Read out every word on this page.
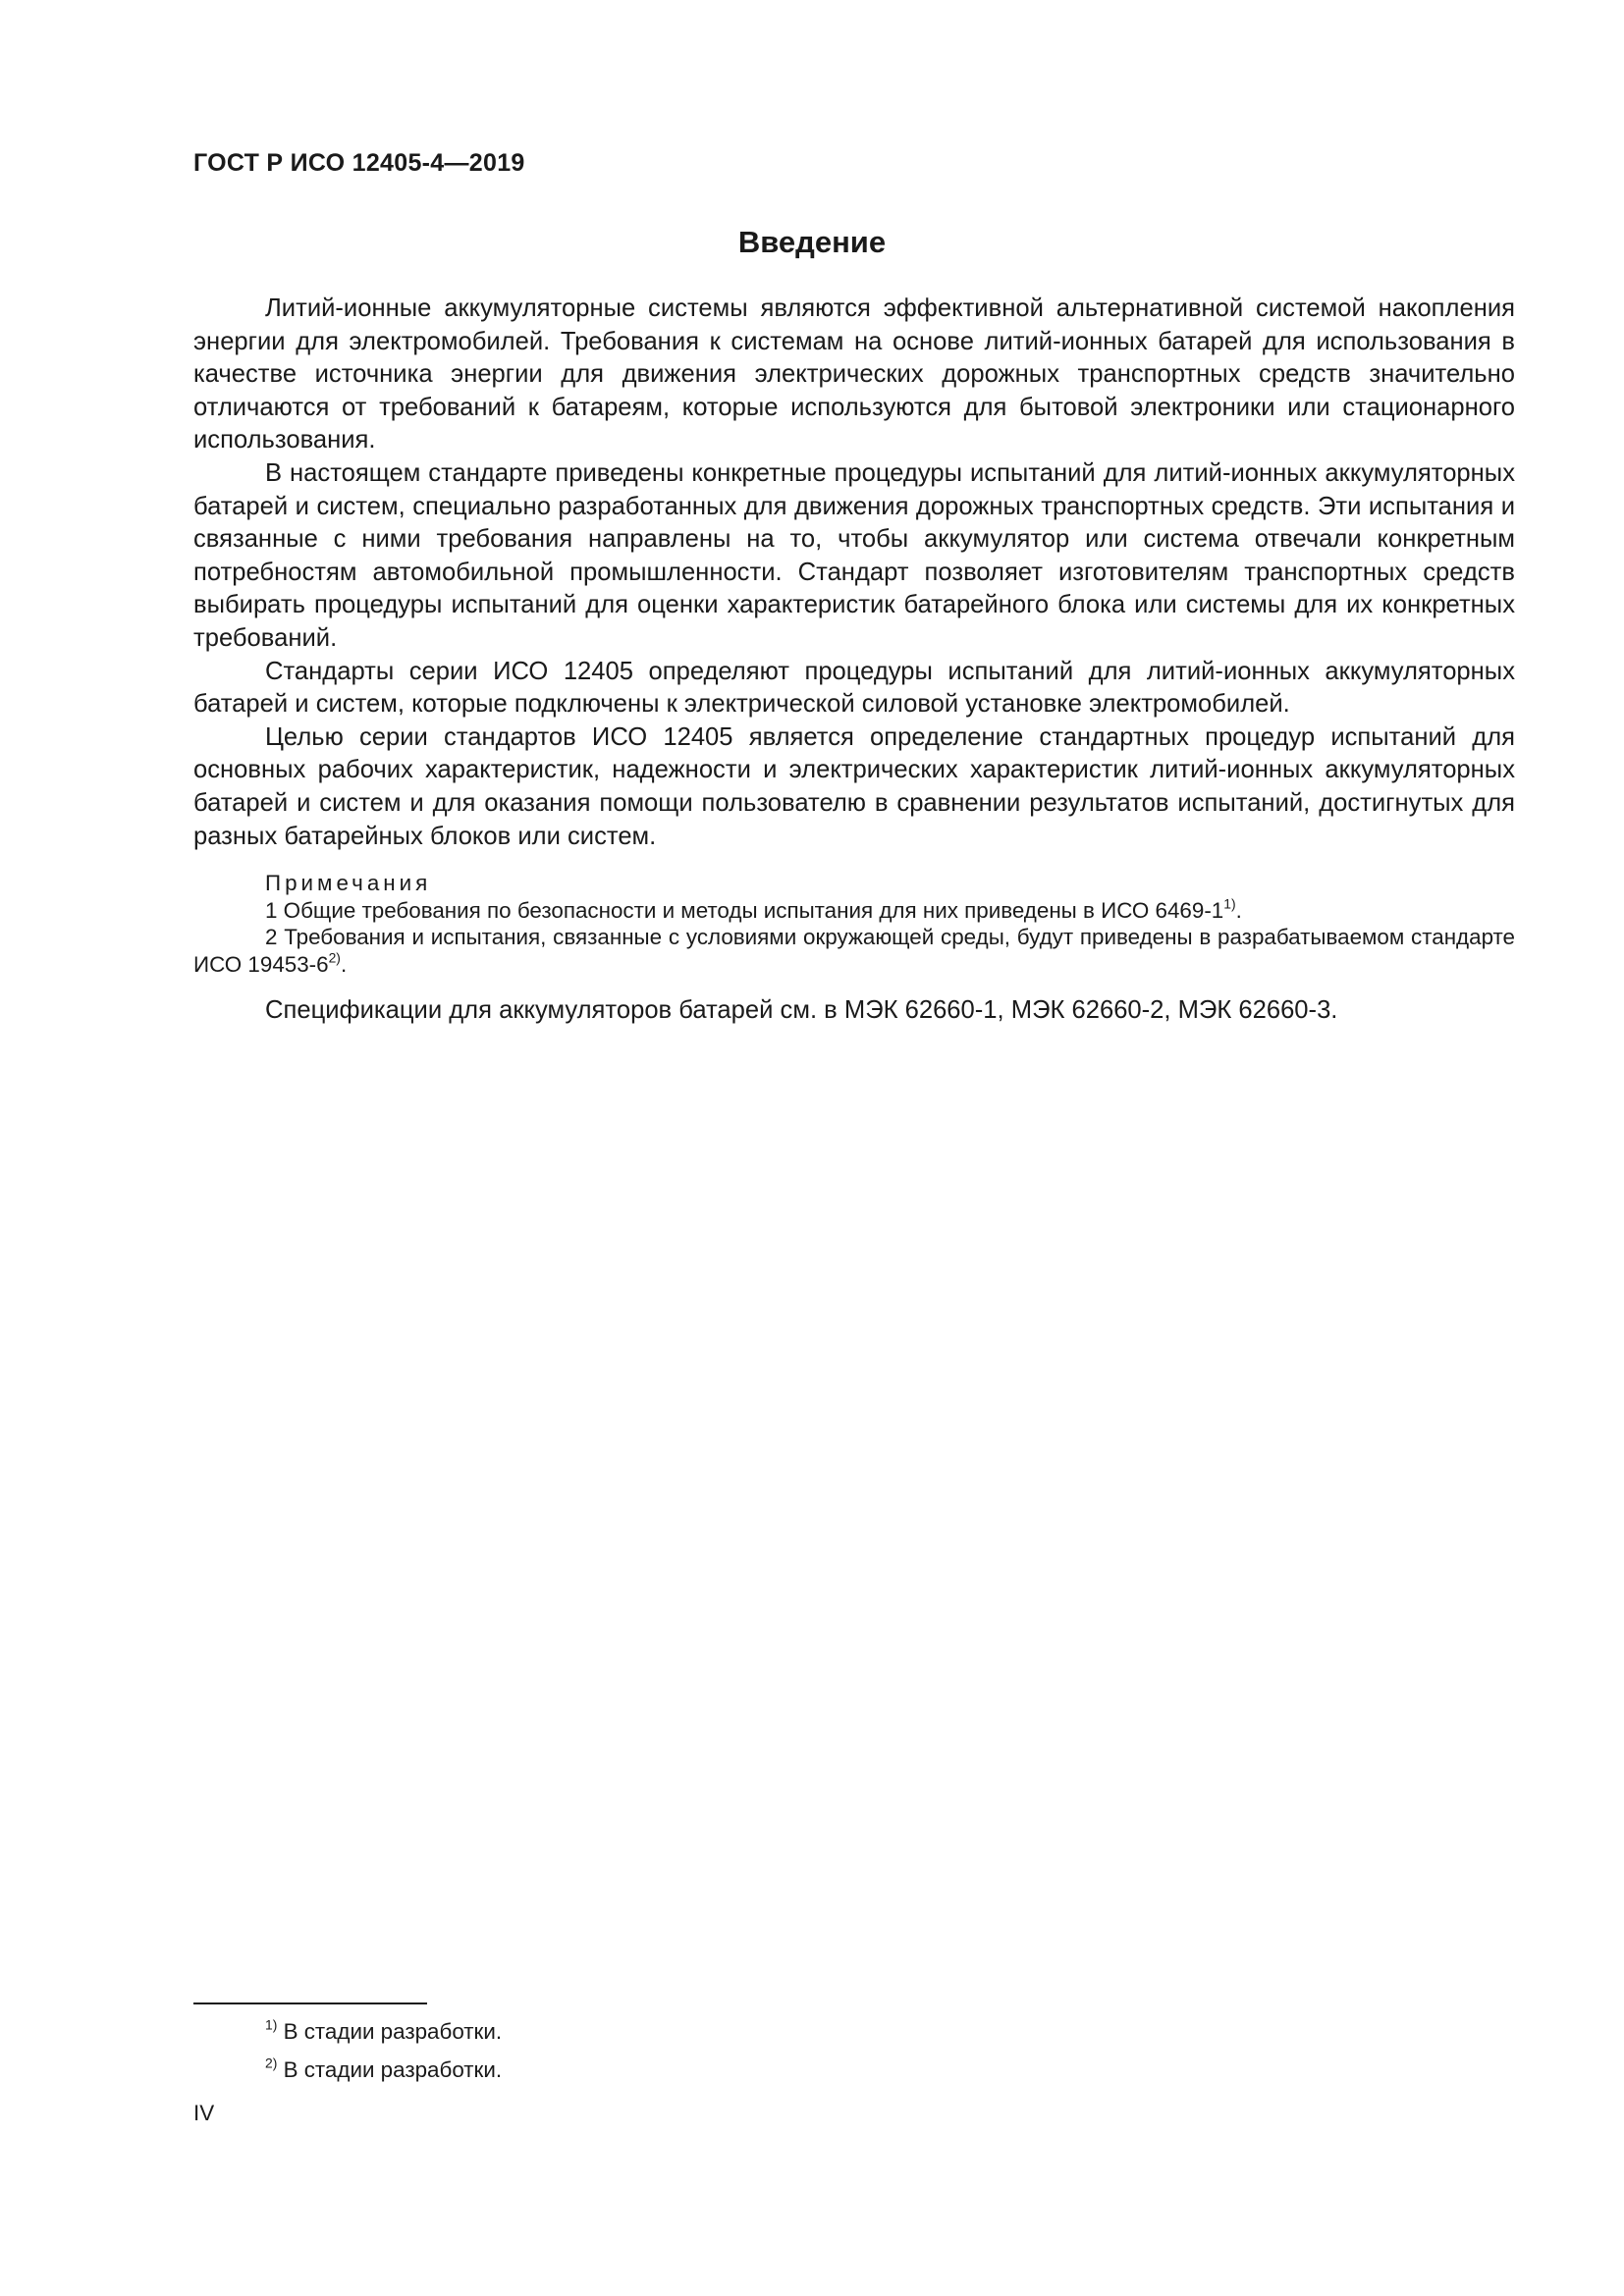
ГОСТ Р ИСО 12405-4—2019
Введение

Литий-ионные аккумуляторные системы являются эффективной альтернативной системой накопления энергии для электромобилей. Требования к системам на основе литий-ионных батарей для использования в качестве источника энергии для движения электрических дорожных транспортных средств значительно отличаются от требований к батареям, которые используются для бытовой электроники или стационарного использования.

В настоящем стандарте приведены конкретные процедуры испытаний для литий-ионных аккумуляторных батарей и систем, специально разработанных для движения дорожных транспортных средств. Эти испытания и связанные с ними требования направлены на то, чтобы аккумулятор или система отвечали конкретным потребностям автомобильной промышленности. Стандарт позволяет изготовителям транспортных средств выбирать процедуры испытаний для оценки характеристик батарейного блока или системы для их конкретных требований.

Стандарты серии ИСО 12405 определяют процедуры испытаний для литий-ионных аккумуляторных батарей и систем, которые подключены к электрической силовой установке электромобилей.

Целью серии стандартов ИСО 12405 является определение стандартных процедур испытаний для основных рабочих характеристик, надежности и электрических характеристик литий-ионных аккумуляторных батарей и систем и для оказания помощи пользователю в сравнении результатов испытаний, достигнутых для разных батарейных блоков или систем.

Примечания

1 Общие требования по безопасности и методы испытания для них приведены в ИСО 6469-1$^{1)}$.

2 Требования и испытания, связанные с условиями окружающей среды, будут приведены в разрабатываемом стандарте ИСО 19453-6$^{2)}$.

Спецификации для аккумуляторов батарей см. в МЭК 62660-1, МЭК 62660-2, МЭК 62660-3.

$^{1)}$ В стадии разработки.

$^{2)}$ В стадии разработки.

IV
